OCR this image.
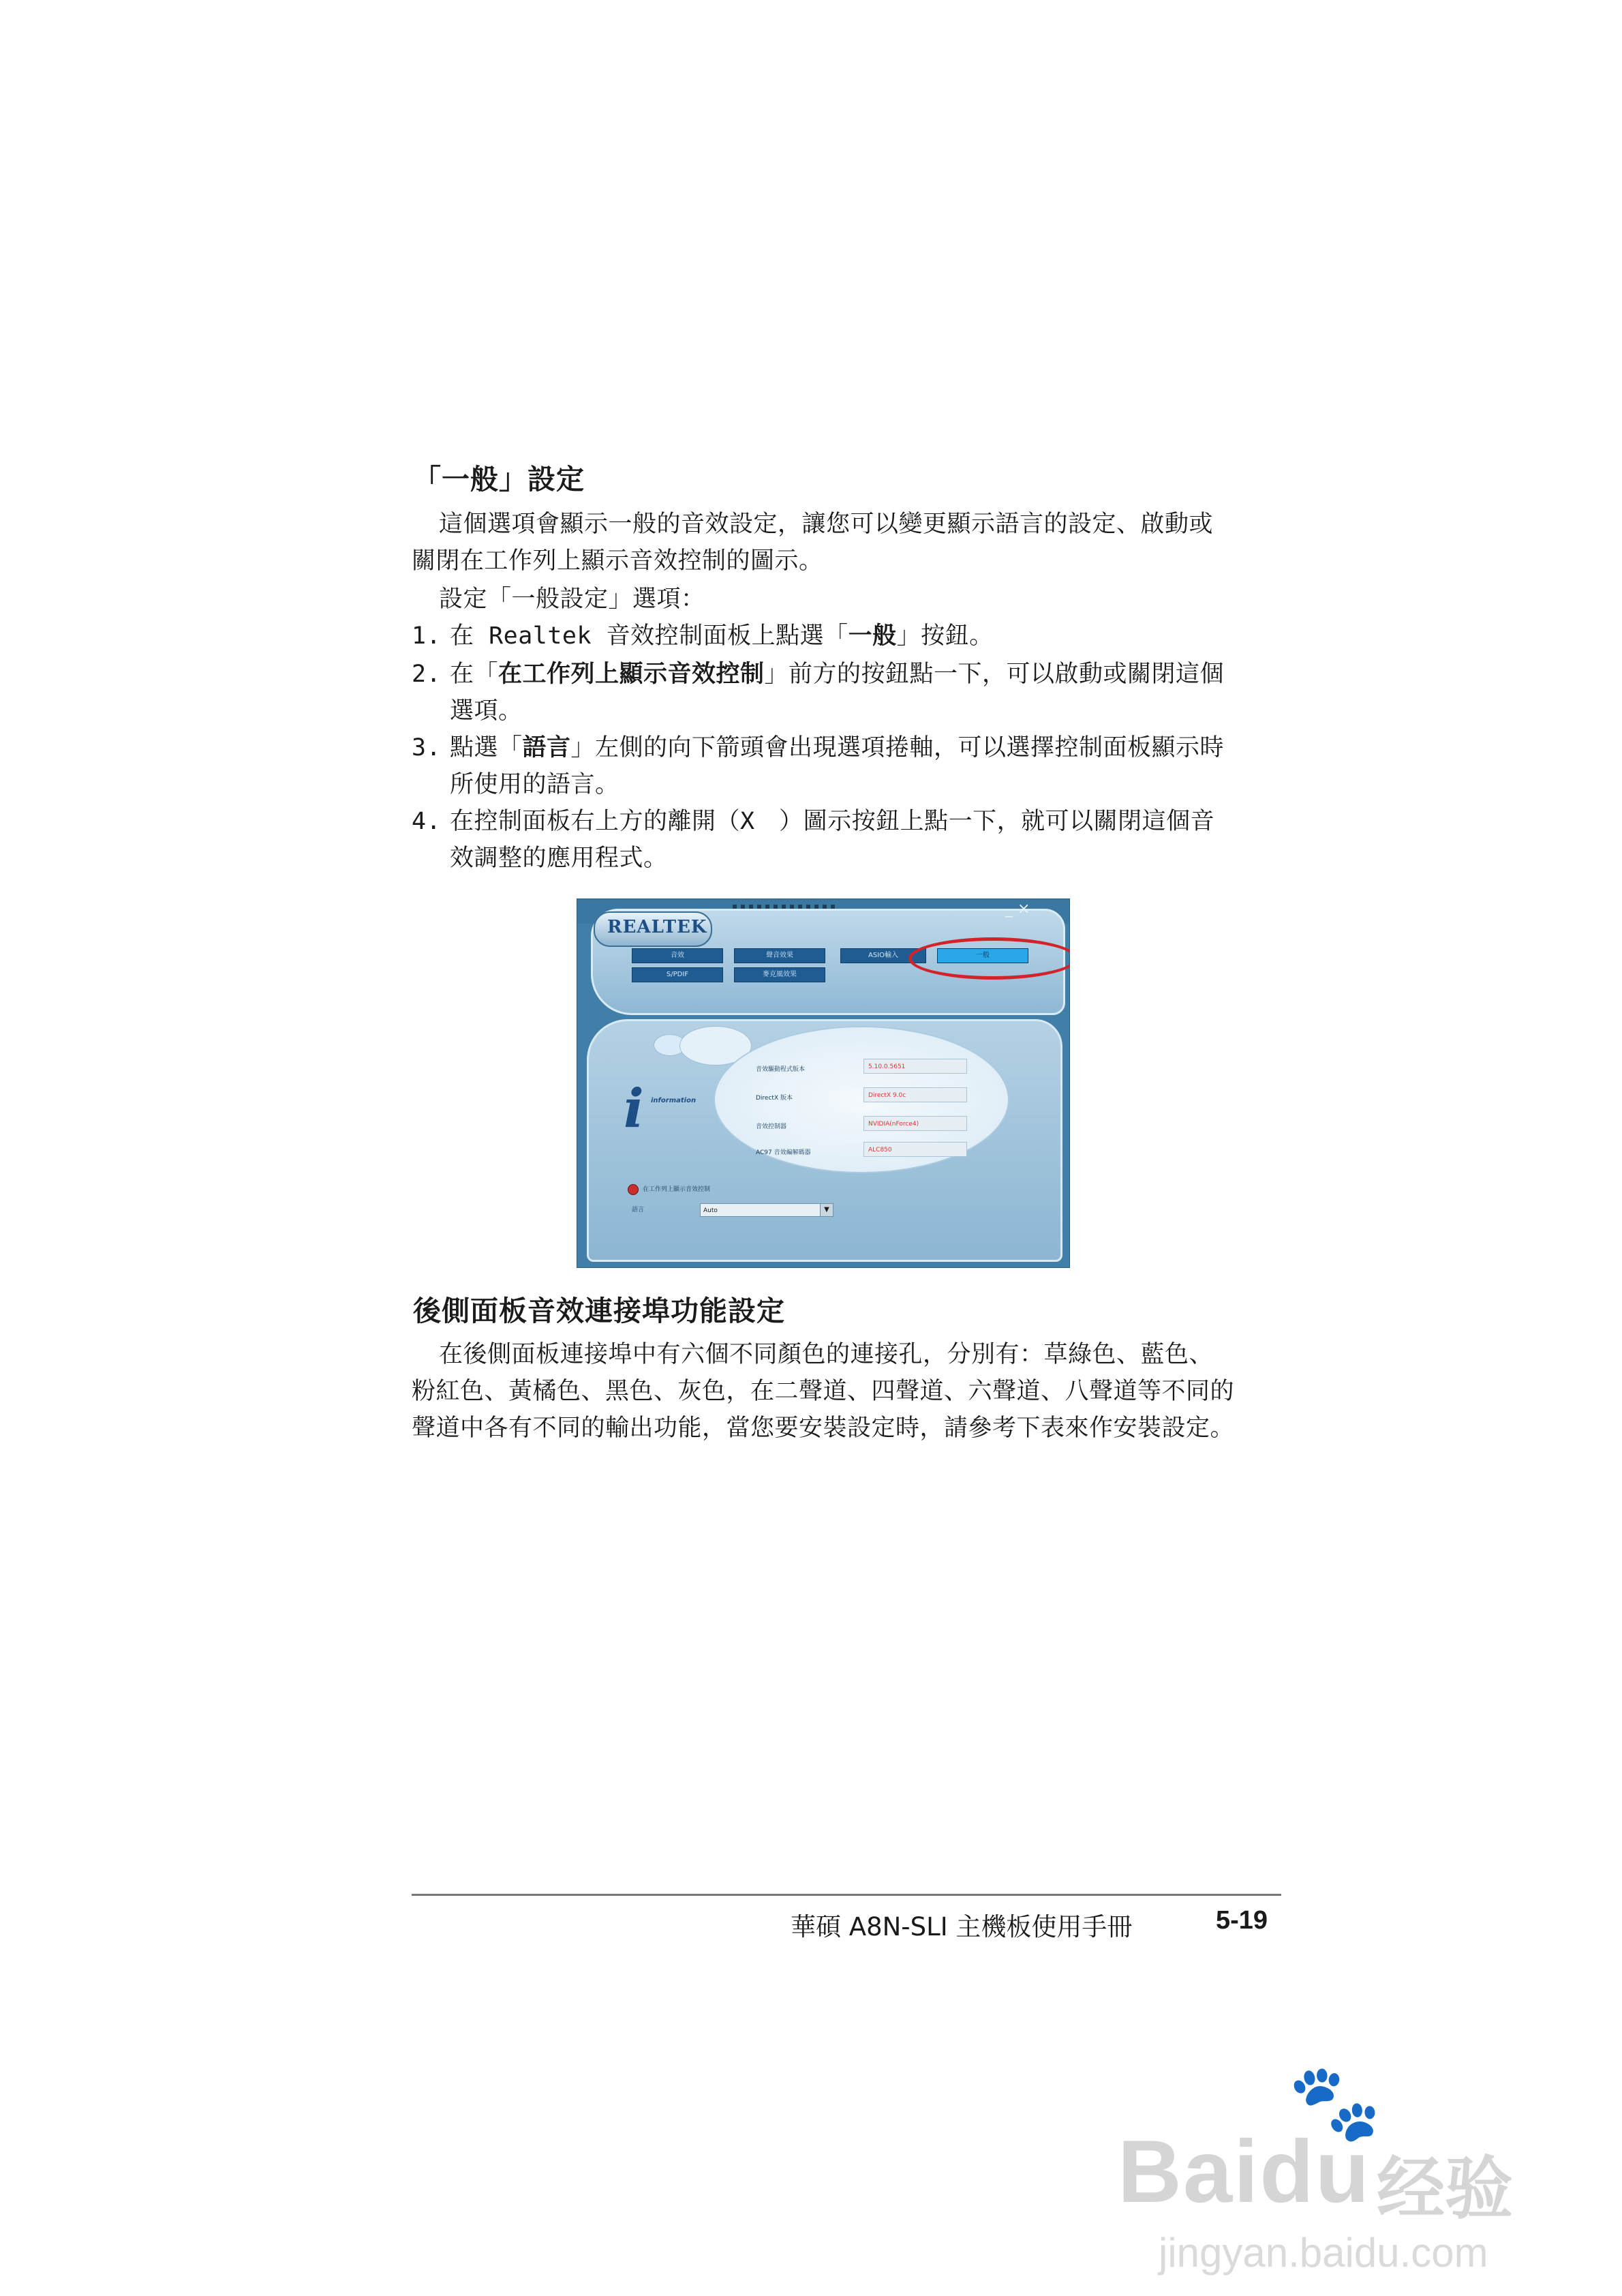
「一般」設定
這個選項會顯示一般的音效設定，讓您可以變更顯示語言的設定、啟動或關閉在工作列上顯示音效控制的圖示。
設定「一般設定」選項：
1. 在 Realtek 音效控制面板上點選「一般」按鈕。
2. 在「在工作列上顯示音效控制」前方的按鈕點一下，可以啟動或關閉這個選項。
3. 點選「語言」左側的向下箭頭會出現選項捲軸，可以選擇控制面板顯示時所使用的語言。
4. 在控制面板右上方的離開（X　）圖示按鈕上點一下，就可以關閉這個音效調整的應用程式。
_ ×
REALTEK
音效	聲音效果	ASIO輸入	一般
S/PDIF	麥克風效果
i information
音效驅動程式版本	5.10.0.5651
DirectX 版本	DirectX 9.0c
音效控制器	NVIDIA(nForce4)
AC97 音效編解碼器	ALC850
在工作列上顯示音效控制
語言	Auto	▼
後側面板音效連接埠功能設定
在後側面板連接埠中有六個不同顏色的連接孔，分別有：草綠色、藍色、粉紅色、黃橘色、黑色、灰色，在二聲道、四聲道、六聲道、八聲道等不同的聲道中各有不同的輸出功能，當您要安裝設定時，請參考下表來作安裝設定。
華碩 A8N-SLI 主機板使用手冊	5-19
🐾
Baidu 经验
jingyan.baidu.com
